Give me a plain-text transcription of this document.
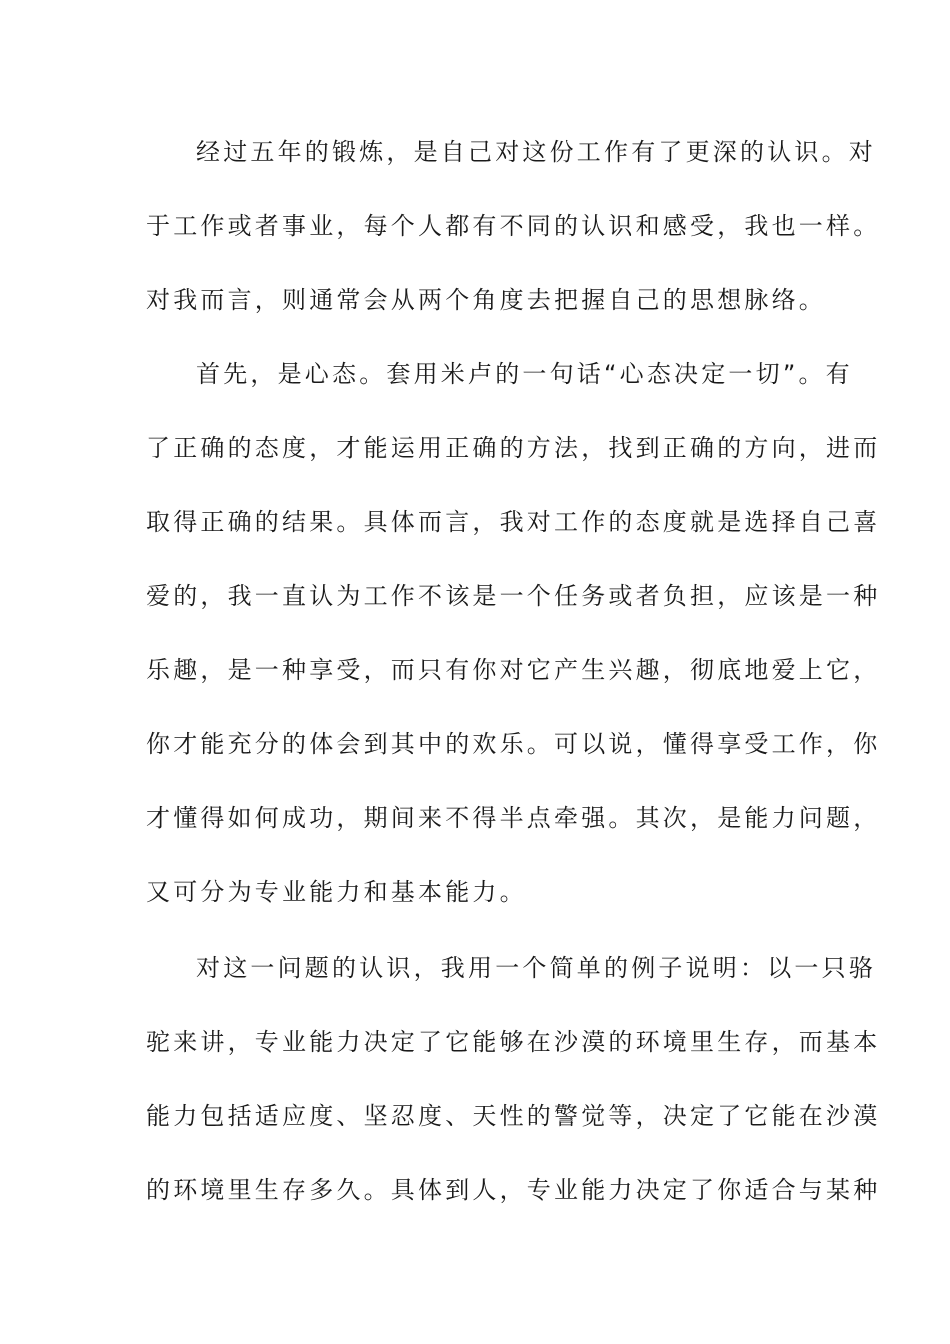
经过五年的锻炼，是自己对这份工作有了更深的认识。对
于工作或者事业，每个人都有不同的认识和感受，我也一样。
对我而言，则通常会从两个角度去把握自己的思想脉络。
首先，是心态。套用米卢的一句话“心态决定一切”。有
了正确的态度，才能运用正确的方法，找到正确的方向，进而
取得正确的结果。具体而言，我对工作的态度就是选择自己喜
爱的，我一直认为工作不该是一个任务或者负担，应该是一种
乐趣，是一种享受，而只有你对它产生兴趣，彻底地爱上它，
你才能充分的体会到其中的欢乐。可以说，懂得享受工作，你
才懂得如何成功，期间来不得半点牵强。其次，是能力问题，
又可分为专业能力和基本能力。
对这一问题的认识，我用一个简单的例子说明：以一只骆
驼来讲，专业能力决定了它能够在沙漠的环境里生存，而基本
能力包括适应度、坚忍度、天性的警觉等，决定了它能在沙漠
的环境里生存多久。具体到人，专业能力决定了你适合与某种
